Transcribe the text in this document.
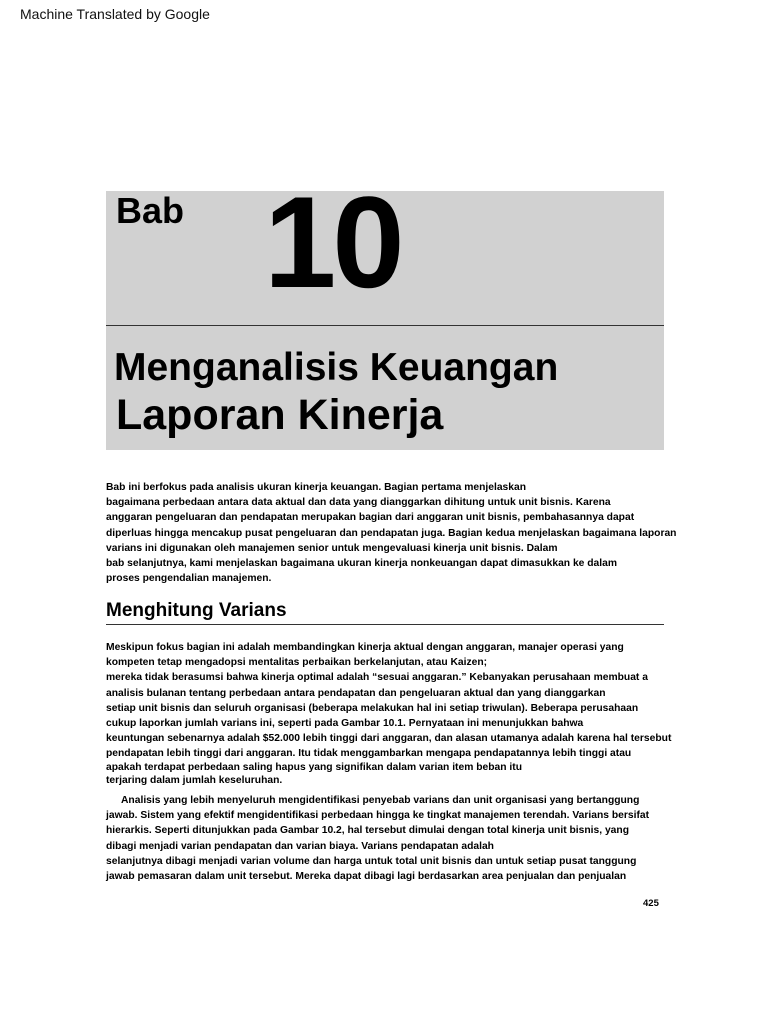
Machine Translated by Google
Bab 10
Menganalisis Keuangan
Laporan Kinerja
Bab ini berfokus pada analisis ukuran kinerja keuangan. Bagian pertama menjelaskan
bagaimana perbedaan antara data aktual dan data yang dianggarkan dihitung untuk unit bisnis. Karena
anggaran pengeluaran dan pendapatan merupakan bagian dari anggaran unit bisnis, pembahasannya dapat
diperluas hingga mencakup pusat pengeluaran dan pendapatan juga. Bagian kedua menjelaskan bagaimana laporan
varians ini digunakan oleh manajemen senior untuk mengevaluasi kinerja unit bisnis. Dalam
bab selanjutnya, kami menjelaskan bagaimana ukuran kinerja nonkeuangan dapat dimasukkan ke dalam
proses pengendalian manajemen.
Menghitung Varians
Meskipun fokus bagian ini adalah membandingkan kinerja aktual dengan anggaran, manajer operasi yang
kompeten tetap mengadopsi mentalitas perbaikan berkelanjutan, atau Kaizen;
mereka tidak berasumsi bahwa kinerja optimal adalah “sesuai anggaran.” Kebanyakan perusahaan membuat a
analisis bulanan tentang perbedaan antara pendapatan dan pengeluaran aktual dan yang dianggarkan
setiap unit bisnis dan seluruh organisasi (beberapa melakukan hal ini setiap triwulan). Beberapa perusahaan
cukup laporkan jumlah varians ini, seperti pada Gambar 10.1. Pernyataan ini menunjukkan bahwa
keuntungan sebenarnya adalah $52.000 lebih tinggi dari anggaran, dan alasan utamanya adalah karena hal tersebut
pendapatan lebih tinggi dari anggaran. Itu tidak menggambarkan mengapa pendapatannya lebih tinggi atau
apakah terdapat perbedaan saling hapus yang signifikan dalam varian item beban itu
terjaring dalam jumlah keseluruhan.
Analisis yang lebih menyeluruh mengidentifikasi penyebab varians dan unit organisasi yang bertanggung
jawab. Sistem yang efektif mengidentifikasi perbedaan hingga ke tingkat manajemen terendah. Varians bersifat
hierarkis. Seperti ditunjukkan pada Gambar 10.2, hal tersebut dimulai dengan total kinerja unit bisnis, yang
dibagi menjadi varian pendapatan dan varian biaya. Varians pendapatan adalah
selanjutnya dibagi menjadi varian volume dan harga untuk total unit bisnis dan untuk setiap pusat tanggung
jawab pemasaran dalam unit tersebut. Mereka dapat dibagi lagi berdasarkan area penjualan dan penjualan
425
